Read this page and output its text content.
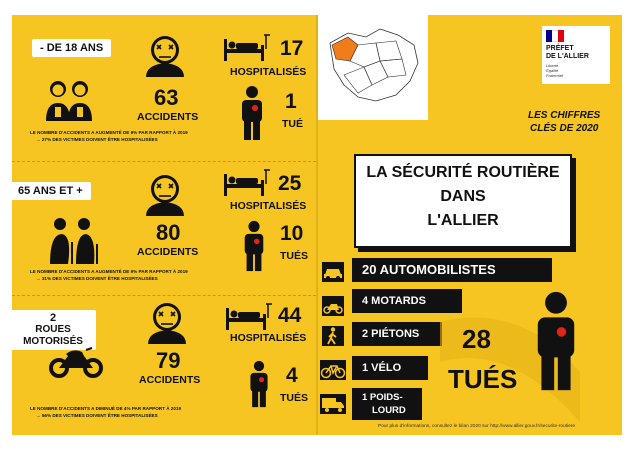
- DE 18 ANS
63
ACCIDENTS
17
HOSPITALISÉS
1
TUÉ
LE NOMBRE D'ACCIDENTS A AUGMENTÉ DE 9% PAR RAPPORT À 2019
→ 27% DES VICTIMES DOIVENT ÊTRE HOSPITALISÉES
65 ANS ET +
80
ACCIDENTS
25
HOSPITALISÉS
10
TUÉS
LE NOMBRE D'ACCIDENTS A AUGMENTÉ DE 9% PAR RAPPORT À 2019
→ 31% DES VICTIMES DOIVENT ÊTRE HOSPITALISÉES
2
ROUES MOTORISÉS
79
ACCIDENTS
44
HOSPITALISÉS
4
TUÉS
LE NOMBRE D'ACCIDENTS A DIMINUÉ DE 4% PAR RAPPORT À 2019
→ 56% DES VICTIMES DOIVENT ÊTRE HOSPITALISÉES
PRÉFET
DE L'ALLIER
Liberté
Égalité
Fraternité
LES CHIFFRES
CLÉS DE 2020
LA SÉCURITÉ ROUTIÈRE
DANS
L'ALLIER
20 AUTOMOBILISTES
4 MOTARDS
2 PIÉTONS
1 VÉLO
1 POIDS-
LOURD
28
TUÉS
Pour plus d'informations, consultez le bilan 2020 sur http://www.allier.gouv.fr/securite-routiere
